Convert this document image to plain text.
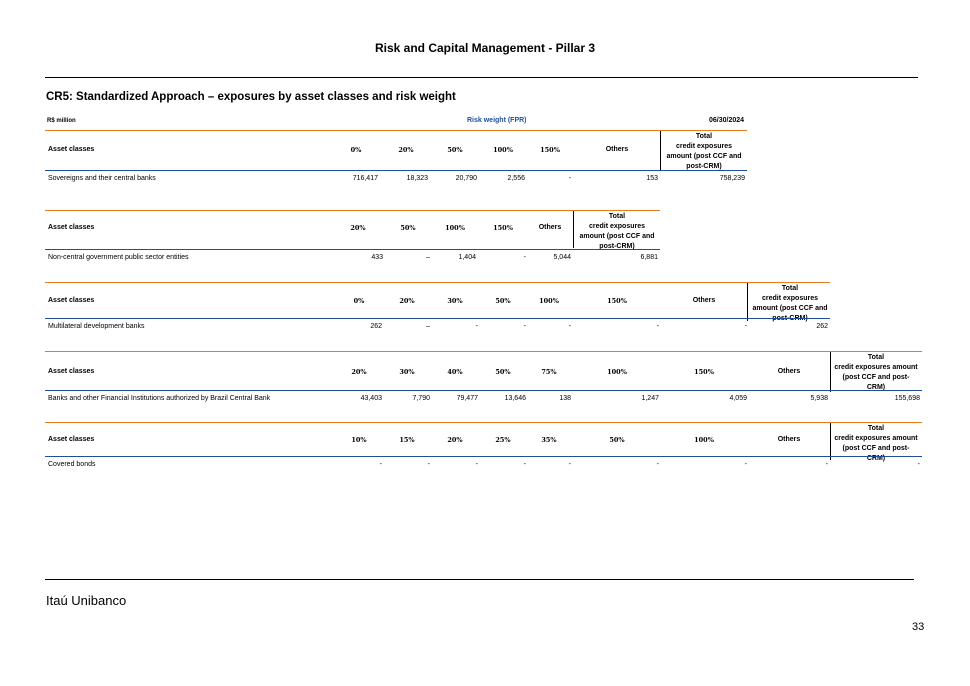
Risk and Capital Management - Pillar 3
CR5: Standardized Approach – exposures by asset classes and risk weight
R$ million	Risk weight (FPR)	06/30/2024
Asset classes	0%	20%	50%	100%	150%	Others
Total
credit exposures
amount (post CCF and
post-CRM)
Sovereigns and their central banks	716,417	18,323	20,790	2,556	-	153	758,239
Asset classes	20%	50%	100%	150%	Others
Total
credit exposures
amount (post CCF and
post-CRM)
Non-central government public sector entities	433	–	1,404	-	5,044	6,881
Asset classes	0%	20%	30%	50%	100%	150%	Others
Total
credit exposures
amount (post CCF and
post-CRM)
Multilateral development banks	262	–	-	-	-	-	-	262
Asset classes	20%	30%	40%	50%	75%	100%	150%	Others
Total
credit exposures amount
(post CCF and post-
CRM)
Banks and other Financial Institutions authorized by Brazil Central Bank	43,403	7,790	79,477	13,646	138	1,247	4,059	5,938	155,698
Asset classes	10%	15%	20%	25%	35%	50%	100%	Others
Total
credit exposures amount
(post CCF and post-
CRM)
Covered bonds	-	-	-	-	-	-	-	-	-
Itaú Unibanco
33
